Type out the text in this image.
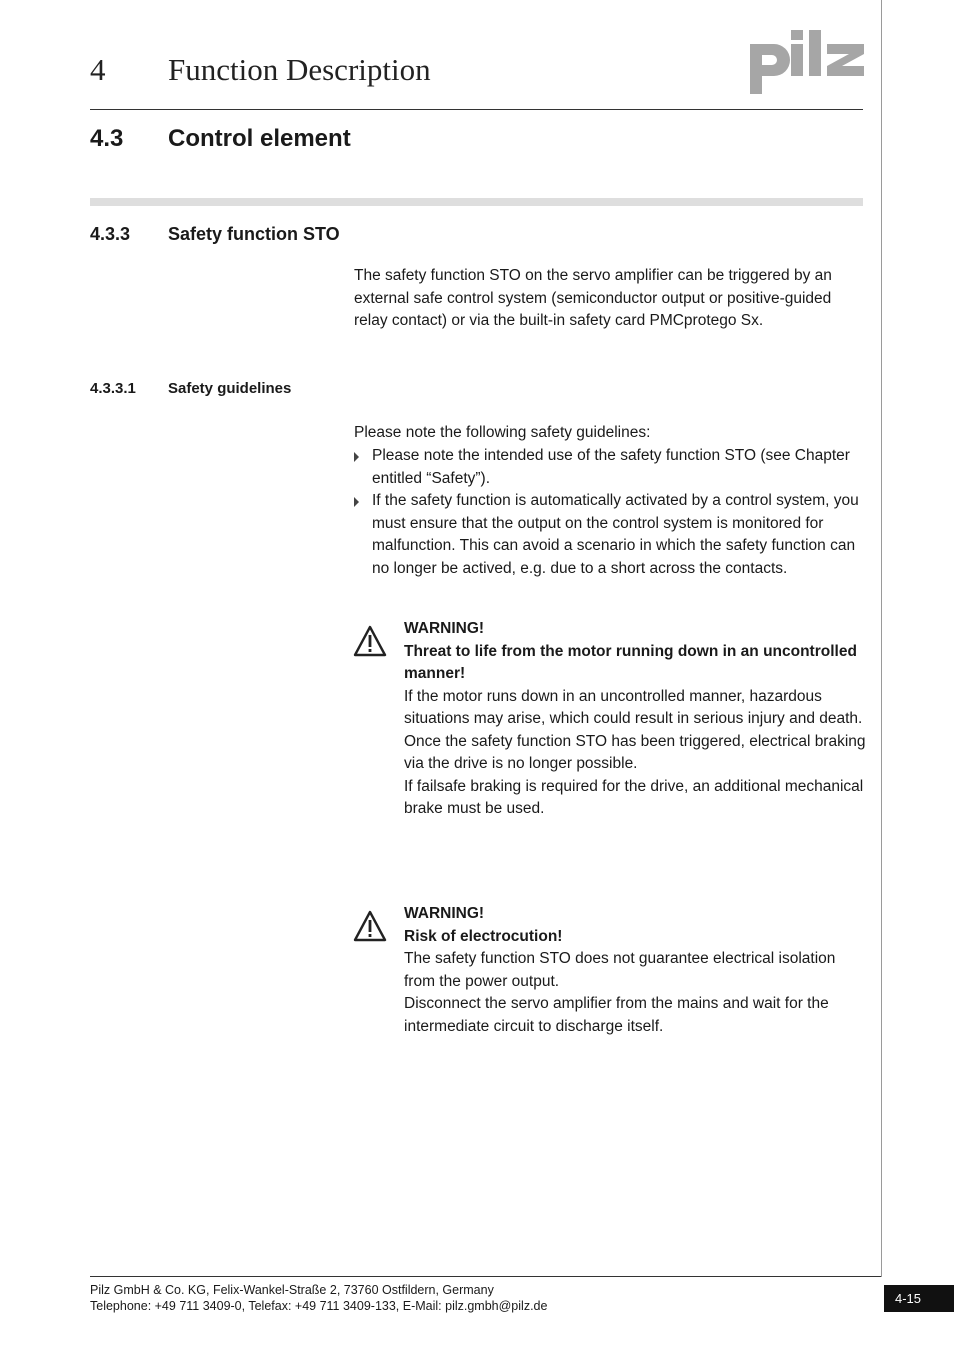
4 Function Description
4.3 Control element
4.3.3 Safety function STO
The safety function STO on the servo amplifier can be triggered by an external safe control system (semiconductor output or positive-guided relay contact) or via the built-in safety card PMCprotego Sx.
4.3.3.1 Safety guidelines
Please note the following safety guidelines:
Please note the intended use of the safety function STO (see Chapter entitled “Safety”).
If the safety function is automatically activated by a control system, you must ensure that the output on the control system is monitored for malfunction. This can avoid a scenario in which the safety function can no longer be actived, e.g. due to a short across the contacts.
WARNING!
Threat to life from the motor running down in an uncontrolled manner!
If the motor runs down in an uncontrolled manner, hazardous situations may arise, which could result in serious injury and death.
Once the safety function STO has been triggered, electrical braking via the drive is no longer possible.
If failsafe braking is required for the drive, an additional mechanical brake must be used.
WARNING!
Risk of electrocution!
The safety function STO does not guarantee electrical isolation from the power output.
Disconnect the servo amplifier from the mains and wait for the intermediate circuit to discharge itself.
Pilz GmbH & Co. KG, Felix-Wankel-Straße 2, 73760 Ostfildern, Germany
Telephone: +49 711 3409-0, Telefax: +49 711 3409-133, E-Mail: pilz.gmbh@pilz.de	4-15
